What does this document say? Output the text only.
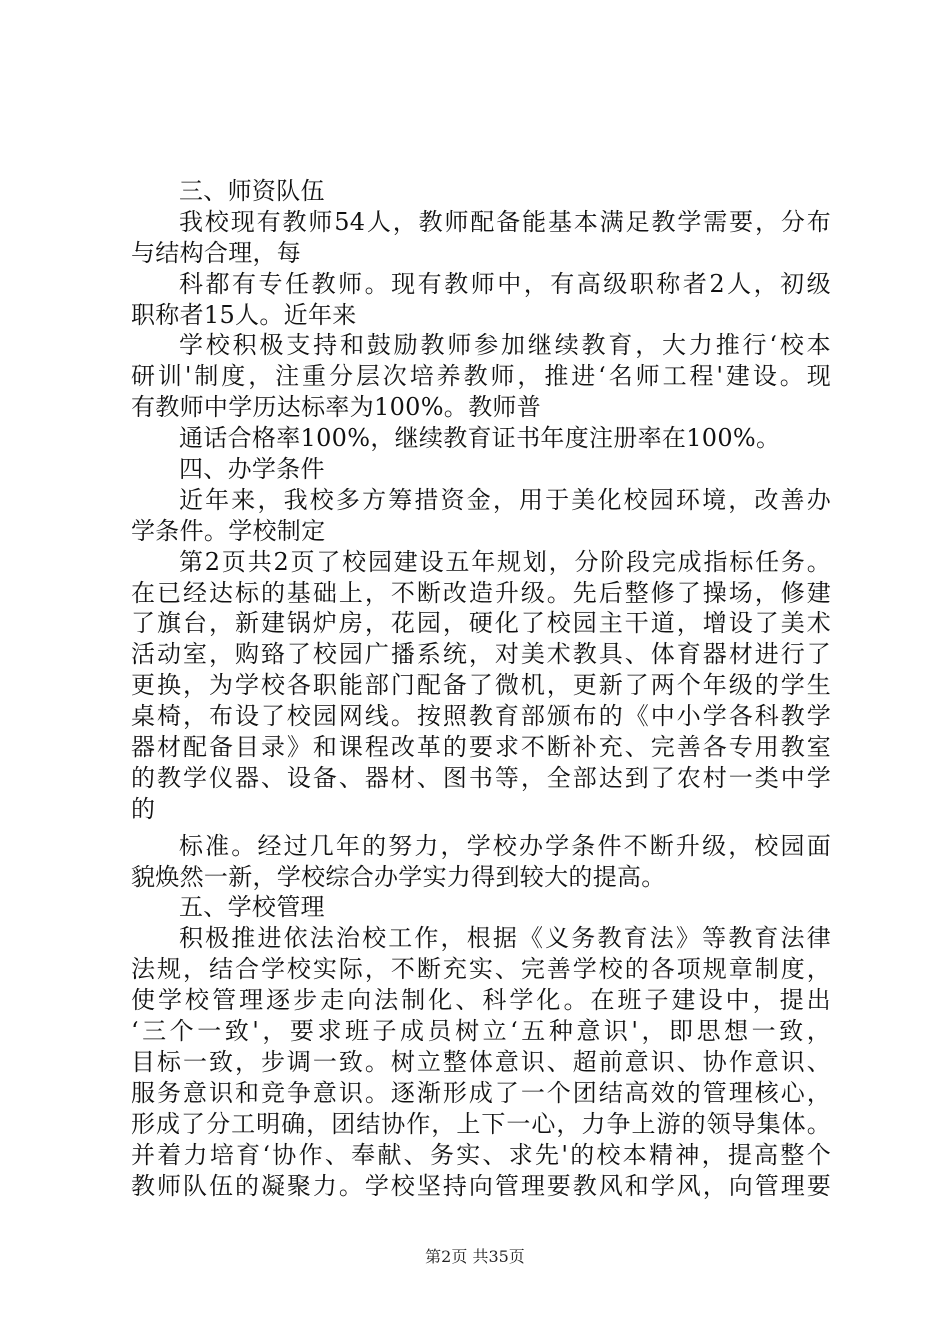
三、师资队伍
我校现有教师54人，教师配备能基本满足教学需要，分布
与结构合理，每
科都有专任教师。现有教师中，有高级职称者2人，初级
职称者15人。近年来
学校积极支持和鼓励教师参加继续教育，大力推行‘校本
研训'制度，注重分层次培养教师，推进‘名师工程'建设。现
有教师中学历达标率为100%。教师普
通话合格率100%，继续教育证书年度注册率在100%。
四、办学条件
近年来，我校多方筹措资金，用于美化校园环境，改善办
学条件。学校制定
第2页共2页了校园建设五年规划，分阶段完成指标任务。
在已经达标的基础上，不断改造升级。先后整修了操场，修建
了旗台，新建锅炉房，花园，硬化了校园主干道，增设了美术
活动室，购臵了校园广播系统，对美术教具、体育器材进行了
更换，为学校各职能部门配备了微机，更新了两个年级的学生
桌椅，布设了校园网线。按照教育部颁布的《中小学各科教学
器材配备目录》和课程改革的要求不断补充、完善各专用教室
的教学仪器、设备、器材、图书等，全部达到了农村一类中学
的
标准。经过几年的努力，学校办学条件不断升级，校园面
貌焕然一新，学校综合办学实力得到较大的提高。
五、学校管理
积极推进依法治校工作，根据《义务教育法》等教育法律
法规，结合学校实际，不断充实、完善学校的各项规章制度，
使学校管理逐步走向法制化、科学化。在班子建设中，提出
‘三个一致'，要求班子成员树立‘五种意识'，即思想一致，
目标一致，步调一致。树立整体意识、超前意识、协作意识、
服务意识和竞争意识。逐渐形成了一个团结高效的管理核心，
形成了分工明确，团结协作，上下一心，力争上游的领导集体。
并着力培育‘协作、奉献、务实、求先'的校本精神，提高整个
教师队伍的凝聚力。学校坚持向管理要教风和学风，向管理要
第2页 共35页
